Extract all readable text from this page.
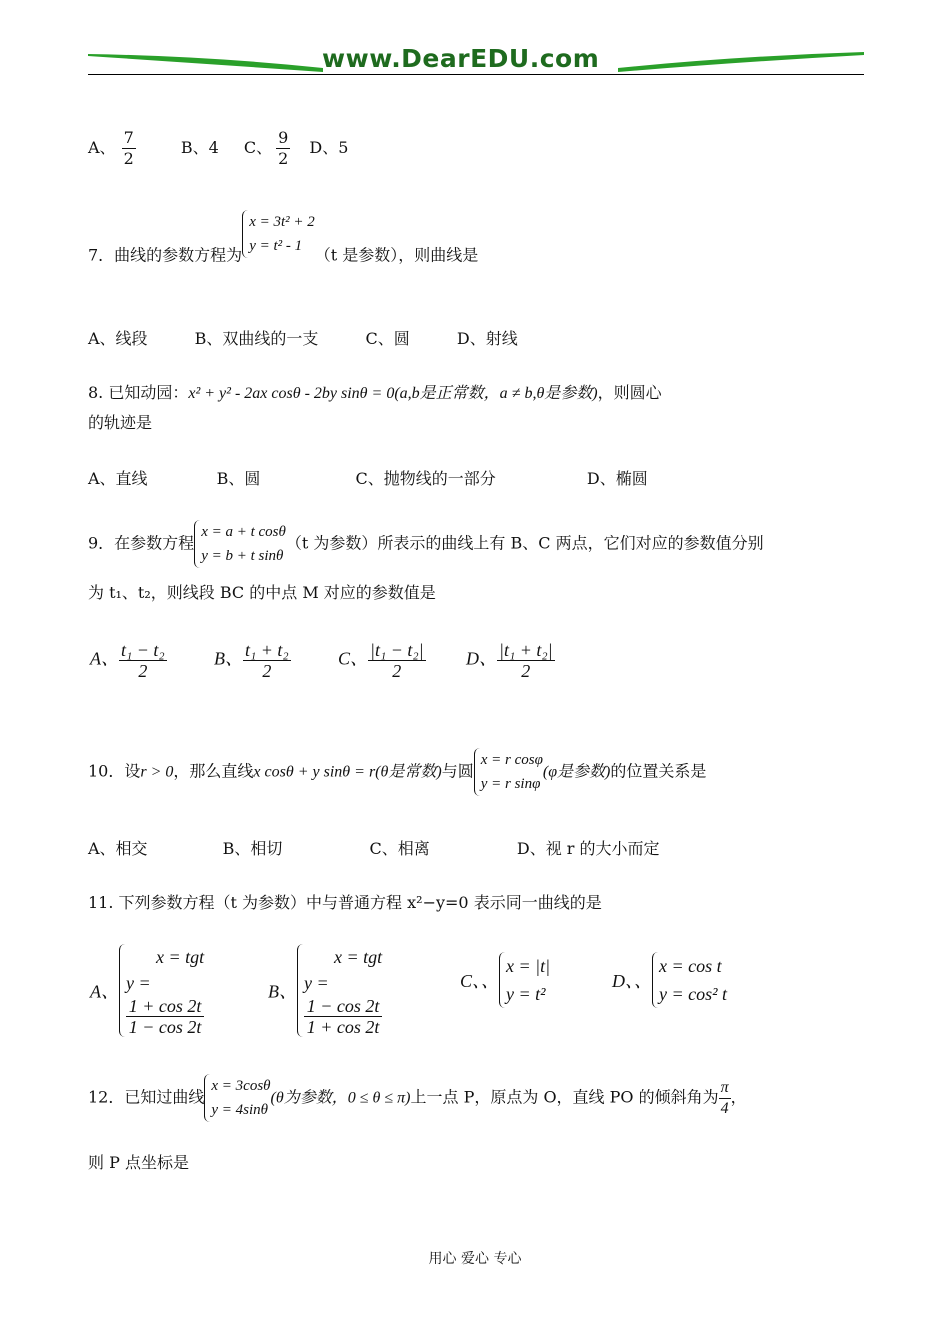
www.DearEDU.com
A、 $\frac{7}{2}$	B、4 C、 $\frac{9}{2}$ D、5
7．曲线的参数方程为
x = 3t² + 2
y = t² - 1 （t 是参数），则曲线是
A、线段	B、双曲线的一支	C、圆	D、射线
8. 已知动园：x² + y² - 2ax cosθ - 2by sinθ = 0(a,b是正常数，a ≠ b,θ是参数)，则圆心
的轨迹是
A、直线	B、圆	C、抛物线的一部分	D、椭圆
9．在参数方程
x = a + t cosθ
y = b + t sinθ
（t 为参数）所表示的曲线上有 B、C 两点，它们对应的参数值分别
为 t₁、t₂，则线段 BC 的中点 M 对应的参数值是
A、 $\frac{\text{t₁ − t₂}}{2}$	B、 $\frac{\text{t₁ + t₂}}{2}$	C、 $\frac{\text{|t₁ − t₂|}}{2}$ D、 $\frac{\text{|t₁ + t₂|}}{2}$
10．设r > 0，那么直线x cosθ + y sinθ = r(θ是常数)与圆
x = r cosφ
y = r sinφ
(φ是参数)的位置关系是
A、相交	B、相切	C、相离	D、视 r 的大小而定
11. 下列参数方程（t 为参数）中与普通方程 x²−y=0 表示同一曲线的是
A、
x = tgt
y =
1 + cos 2t
1 − cos 2t
B、
x = tgt
y =
1 − cos 2t
1 + cos 2t
C、、
x = |t|
y = t²
D、、
x = cos t
y = cos² t
12．已知过曲线
x = 3cosθ
y = 4sinθ
(θ为参数，0 ≤ θ ≤ π)上一点 P，原点为 O，直线 PO 的倾斜角为 $\frac{\pi}{4}$ ，
则 P 点坐标是
用心 爱心 专心
